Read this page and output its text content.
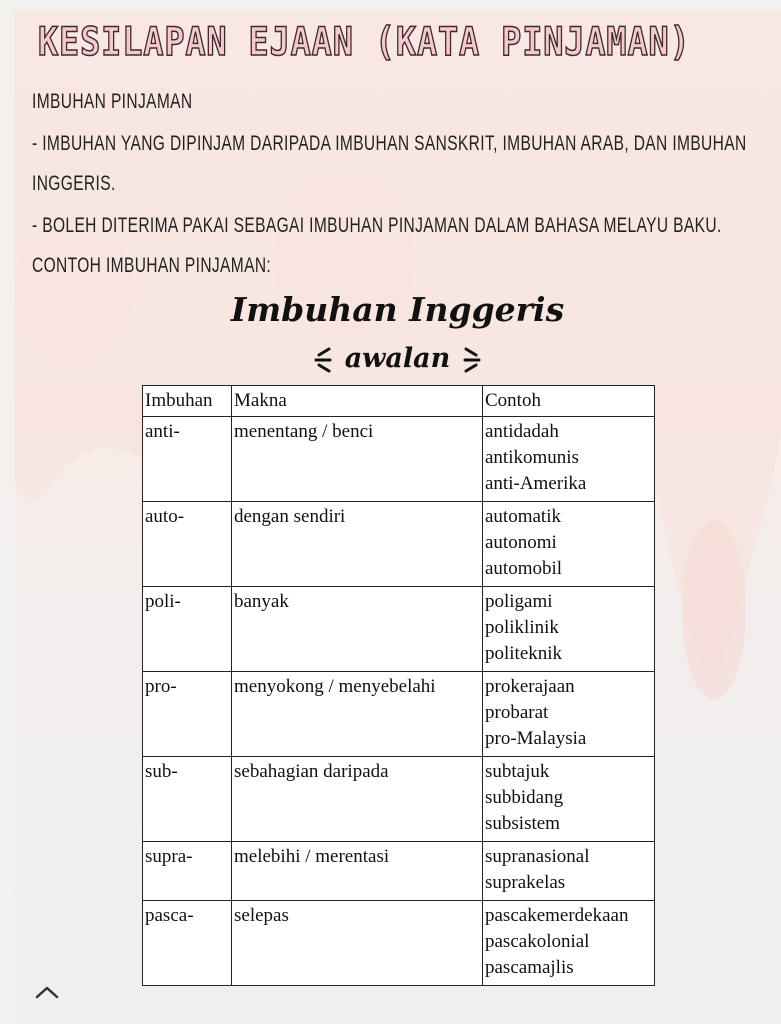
KESILAPAN EJAAN (KATA PINJAMAN)
IMBUHAN PINJAMAN
- IMBUHAN YANG DIPINJAM DARIPADA IMBUHAN SANSKRIT, IMBUHAN ARAB, DAN IMBUHAN
INGGERIS.
- BOLEH DITERIMA PAKAI SEBAGAI IMBUHAN PINJAMAN DALAM BAHASA MELAYU BAKU.
CONTOH IMBUHAN PINJAMAN:
Imbuhan Inggeris
awalan
Imbuhan	Makna	Contoh
anti-	menentang / benci	antidadah
antikomunis
anti-Amerika

auto-	dengan sendiri	automatik
autonomi
automobil

poli-	banyak	poligami
poliklinik
politeknik

pro-	menyokong / menyebelahi	prokerajaan
probarat
pro-Malaysia

sub-	sebahagian daripada	subtajuk
subbidang
subsistem

supra-	melebihi / merentasi	supranasional
suprakelas

pasca-	selepas	pascakemerdekaan
pascakolonial
pascamajlis
